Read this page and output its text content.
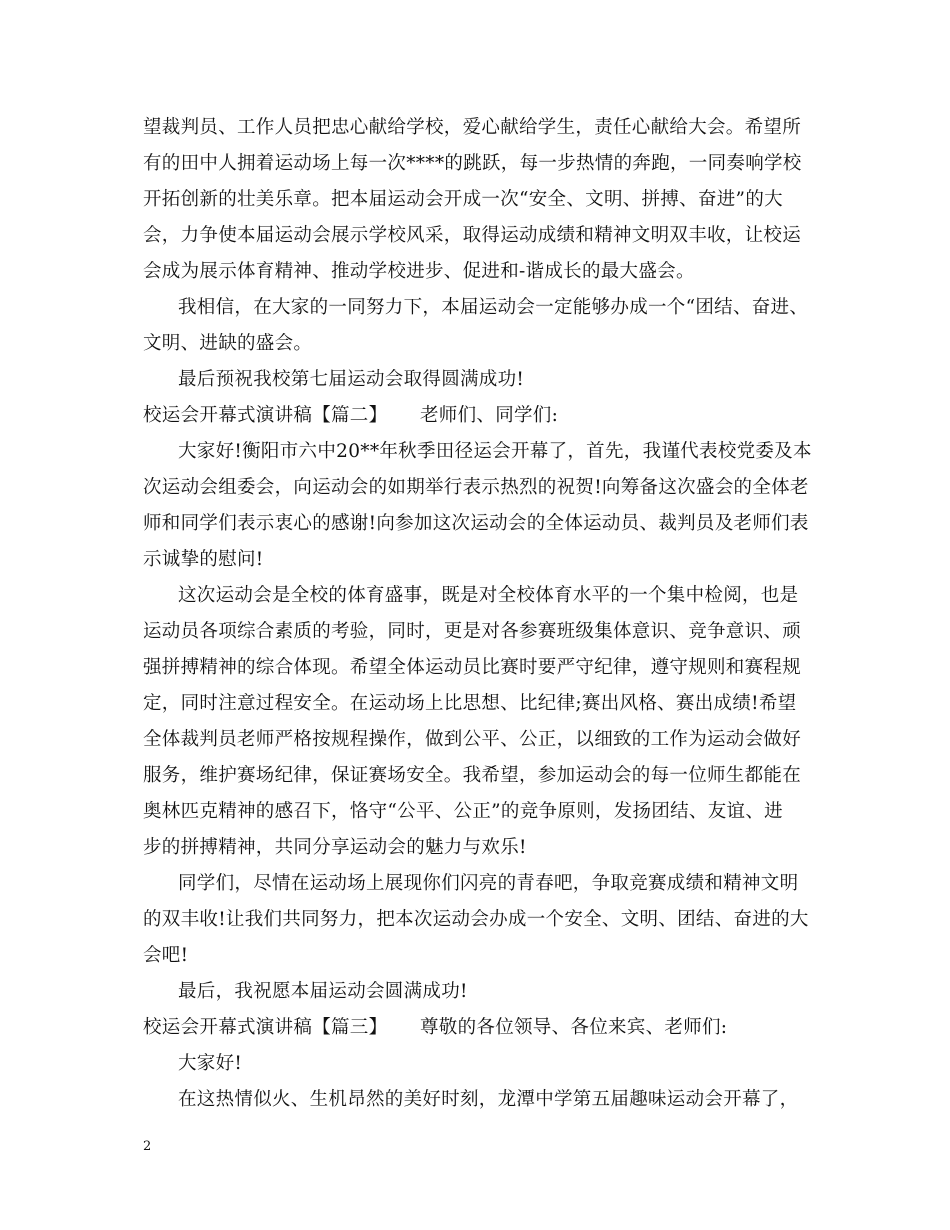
望裁判员、工作人员把忠心献给学校，爱心献给学生，责任心献给大会。希望所
有的田中人拥着运动场上每一次****的跳跃，每一步热情的奔跑，一同奏响学校
开拓创新的壮美乐章。把本届运动会开成一次“安全、文明、拼搏、奋进”的大
会，力争使本届运动会展示学校风采，取得运动成绩和精神文明双丰收，让校运
会成为展示体育精神、推动学校进步、促进和-谐成长的最大盛会。
我相信，在大家的一同努力下，本届运动会一定能够办成一个“团结、奋进、
文明、进缺的盛会。
最后预祝我校第七届运动会取得圆满成功!
校运会开幕式演讲稿【篇二】 老师们、同学们:
大家好!衡阳市六中20**年秋季田径运会开幕了，首先，我谨代表校党委及本
次运动会组委会，向运动会的如期举行表示热烈的祝贺!向筹备这次盛会的全体老
师和同学们表示衷心的感谢!向参加这次运动会的全体运动员、裁判员及老师们表
示诚挚的慰问!
这次运动会是全校的体育盛事，既是对全校体育水平的一个集中检阅，也是
运动员各项综合素质的考验，同时，更是对各参赛班级集体意识、竞争意识、顽
强拼搏精神的综合体现。希望全体运动员比赛时要严守纪律，遵守规则和赛程规
定，同时注意过程安全。在运动场上比思想、比纪律;赛出风格、赛出成绩!希望
全体裁判员老师严格按规程操作，做到公平、公正，以细致的工作为运动会做好
服务，维护赛场纪律，保证赛场安全。我希望，参加运动会的每一位师生都能在
奥林匹克精神的感召下，恪守“公平、公正”的竞争原则，发扬团结、友谊、进
步的拼搏精神，共同分享运动会的魅力与欢乐!
同学们，尽情在运动场上展现你们闪亮的青春吧，争取竞赛成绩和精神文明
的双丰收!让我们共同努力，把本次运动会办成一个安全、文明、团结、奋进的大
会吧!
最后，我祝愿本届运动会圆满成功!
校运会开幕式演讲稿【篇三】 尊敬的各位领导、各位来宾、老师们:
大家好!
在这热情似火、生机昂然的美好时刻，龙潭中学第五届趣味运动会开幕了，
2
